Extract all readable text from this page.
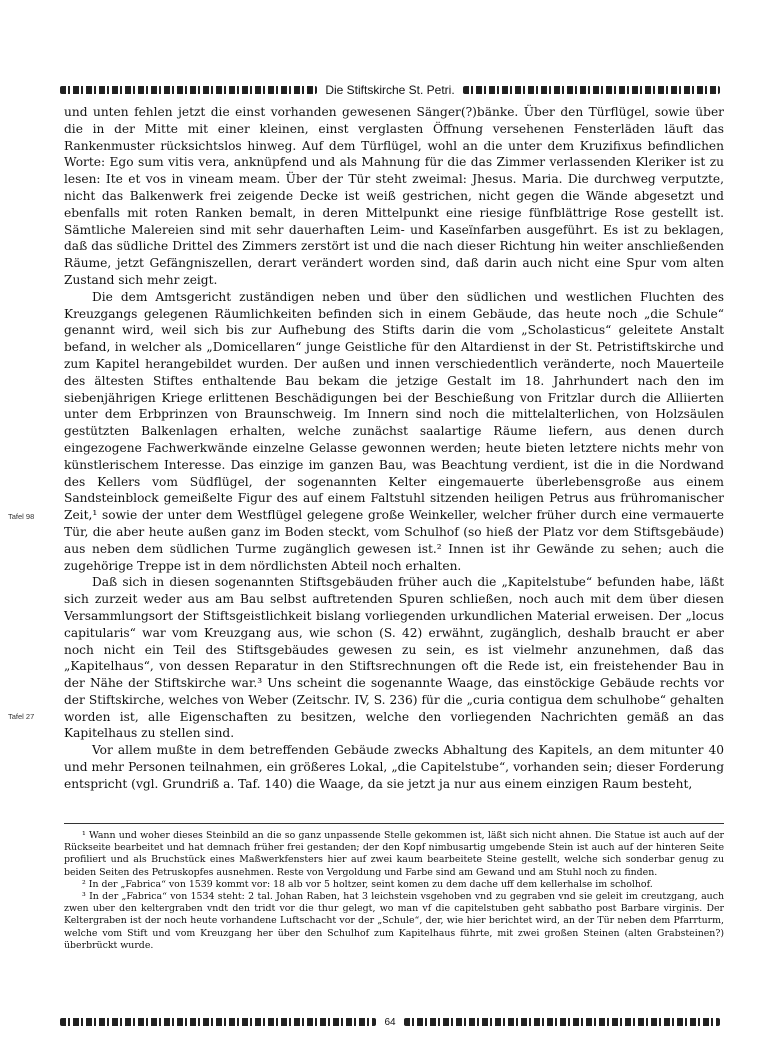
Die Stiftskirche St. Petri.

und unten fehlen jetzt die einst vorhanden gewesenen Sänger(?)bänke. Über den Türflügel, sowie über die in der Mitte mit einer kleinen, einst verglasten Öffnung versehenen Fensterläden läuft das Rankenmuster rücksichtslos hinweg. Auf dem Türflügel, wohl an die unter dem Kruzifixus befindlichen Worte: Ego sum vitis vera, anknüpfend und als Mahnung für die das Zimmer verlassenden Kleriker ist zu lesen: Ite et vos in vineam meam. Über der Tür steht zweimal: Jhesus. Maria. Die durchweg verputzte, nicht das Balkenwerk frei zeigende Decke ist weiß gestrichen, nicht gegen die Wände abgesetzt und ebenfalls mit roten Ranken bemalt, in deren Mittelpunkt eine riesige fünfblättrige Rose gestellt ist. Sämtliche Malereien sind mit sehr dauerhaften Leim- und Kaseïnfarben ausgeführt. Es ist zu beklagen, daß das südliche Drittel des Zimmers zerstört ist und die nach dieser Richtung hin weiter anschließenden Räume, jetzt Gefängniszellen, derart verändert worden sind, daß darin auch nicht eine Spur vom alten Zustand sich mehr zeigt.

Die dem Amtsgericht zuständigen neben und über den südlichen und westlichen Fluchten des Kreuzgangs gelegenen Räumlichkeiten befinden sich in einem Gebäude, das heute noch „die Schule“ genannt wird, weil sich bis zur Aufhebung des Stifts darin die vom „Scholasticus“ geleitete Anstalt befand, in welcher als „Domicellaren“ junge Geistliche für den Altardienst in der St. Petristiftskirche und zum Kapitel herangebildet wurden. Der außen und innen verschiedentlich veränderte, noch Mauerteile des ältesten Stiftes enthaltende Bau bekam die jetzige Gestalt im 18. Jahrhundert nach den im siebenjährigen Kriege erlittenen Beschädigungen bei der Beschießung von Fritzlar durch die Alliierten unter dem Erbprinzen von Braunschweig. Im Innern sind noch die mittelalterlichen, von Holzsäulen gestützten Balkenlagen erhalten, welche zunächst saalartige Räume liefern, aus denen durch eingezogene Fachwerkwände einzelne Gelasse gewonnen werden; heute bieten letztere nichts mehr von künstlerischem Interesse. Das einzige im ganzen Bau, was Beachtung verdient, ist die in die Nordwand des Kellers vom Südflügel, der sogenannten Kelter eingemauerte überlebensgroße aus einem Sandsteinblock gemeißelte Figur des auf einem Faltstuhl sitzenden heiligen Petrus aus frühromanischer Zeit,¹ sowie der unter dem Westflügel gelegene große Weinkeller, welcher früher durch eine vermauerte Tür, die aber heute außen ganz im Boden steckt, vom Schulhof (so hieß der Platz vor dem Stiftsgebäude) aus neben dem südlichen Turme zugänglich gewesen ist.² Innen ist ihr Gewände zu sehen; auch die zugehörige Treppe ist in dem nördlichsten Abteil noch erhalten.

Daß sich in diesen sogenannten Stiftsgebäuden früher auch die „Kapitelstube“ befunden habe, läßt sich zurzeit weder aus am Bau selbst auftretenden Spuren schließen, noch auch mit dem über diesen Versammlungsort der Stiftsgeistlichkeit bislang vorliegenden urkundlichen Material erweisen. Der „locus capitularis“ war vom Kreuzgang aus, wie schon (S. 42) erwähnt, zugänglich, deshalb braucht er aber noch nicht ein Teil des Stiftsgebäudes gewesen zu sein, es ist vielmehr anzunehmen, daß das „Kapitelhaus“, von dessen Reparatur in den Stiftsrechnungen oft die Rede ist, ein freistehender Bau in der Nähe der Stiftskirche war.³ Uns scheint die sogenannte Waage, das einstöckige Gebäude rechts vor der Stiftskirche, welches von Weber (Zeitschr. IV, S. 236) für die „curia contigua dem schulhobe“ gehalten worden ist, alle Eigenschaften zu besitzen, welche den vorliegenden Nachrichten gemäß an das Kapitelhaus zu stellen sind.

Vor allem mußte in dem betreffenden Gebäude zwecks Abhaltung des Kapitels, an dem mitunter 40 und mehr Personen teilnahmen, ein größeres Lokal, „die Capitelstube“, vorhanden sein; dieser Forderung entspricht (vgl. Grundriß a. Taf. 140) die Waage, da sie jetzt ja nur aus einem einzigen Raum besteht,

Tafel 98
Tafel 27

¹ Wann und woher dieses Steinbild an die so ganz unpassende Stelle gekommen ist, läßt sich nicht ahnen. Die Statue ist auch auf der Rückseite bearbeitet und hat demnach früher frei gestanden; der den Kopf nimbusartig umgebende Stein ist auch auf der hinteren Seite profiliert und als Bruchstück eines Maßwerkfensters hier auf zwei kaum bearbeitete Steine gestellt, welche sich sonderbar genug zu beiden Seiten des Petruskopfes ausnehmen. Reste von Vergoldung und Farbe sind am Gewand und am Stuhl noch zu finden.

² In der „Fabrica“ von 1539 kommt vor: 18 alb vor 5 holtzer, seint komen zu dem dache uff dem kellerhalse im scholhof.

³ In der „Fabrica“ von 1534 steht: 2 tal. Johan Raben, hat 3 leichstein vsgehoben vnd zu gegraben vnd sie geleit im creutzgang, auch zwen uber den keltergraben vndt den tridt vor die thur gelegt, wo man vf die capitelstuben geht sabbatho post Barbare virginis. Der Keltergraben ist der noch heute vorhandene Luftschacht vor der „Schule“, der, wie hier berichtet wird, an der Tür neben dem Pfarrturm, welche vom Stift und vom Kreuzgang her über den Schulhof zum Kapitelhaus führte, mit zwei großen Steinen (alten Grabsteinen?) überbrückt wurde.

64
